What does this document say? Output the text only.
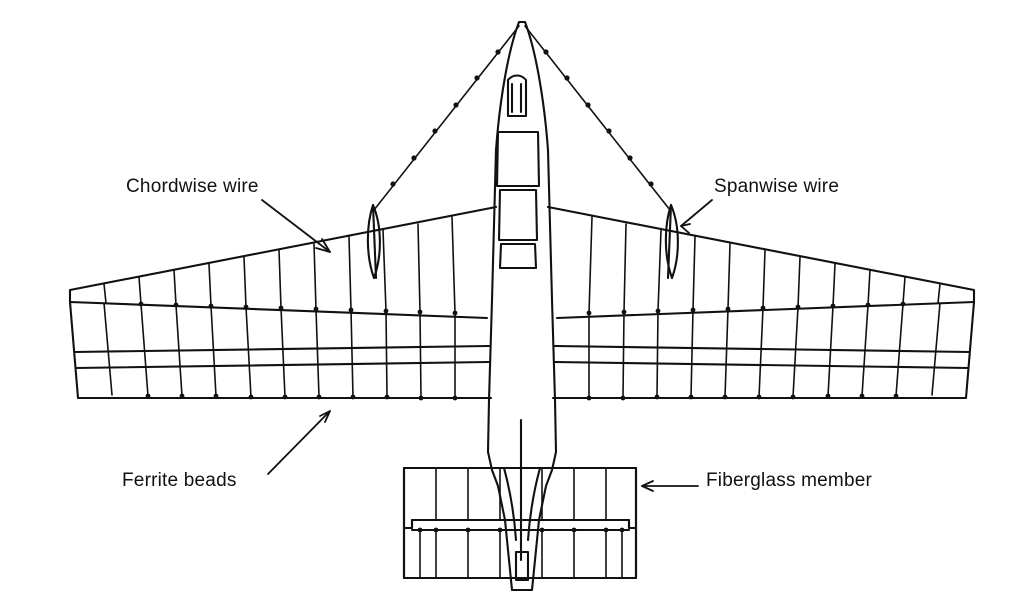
Chordwise wire	Spanwise wire
Ferrite beads	Fiberglass member
